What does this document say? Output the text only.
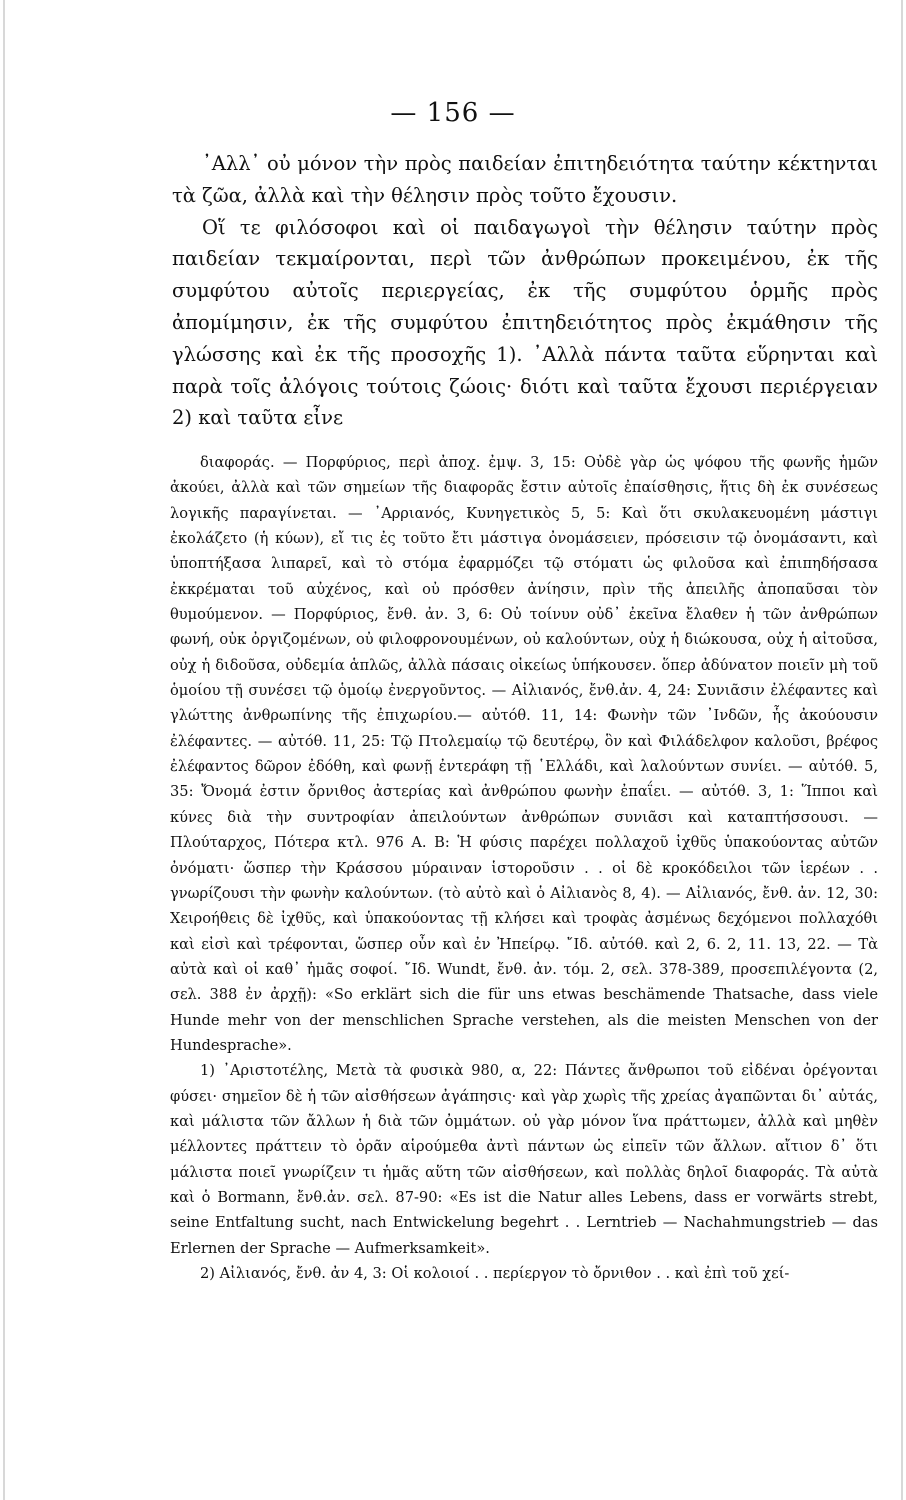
— 156 —

᾿Αλλ᾿ οὐ μόνον τὴν πρὸς παιδείαν ἐπιτηδειότητα ταύτην κέκτηνται τὰ ζῶα, ἀλλὰ καὶ τὴν θέλησιν πρὸς τοῦτο ἔχουσιν.

Οἵ τε φιλόσοφοι καὶ οἱ παιδαγωγοὶ τὴν θέλησιν ταύτην πρὸς παιδείαν τεκμαίρονται, περὶ τῶν ἀνθρώπων προκειμένου, ἐκ τῆς συμφύτου αὐτοῖς περιεργείας, ἐκ τῆς συμφύτου ὁρμῆς πρὸς ἀπομίμησιν, ἐκ τῆς συμφύτου ἐπιτηδειότητος πρὸς ἐκμάθησιν τῆς γλώσσης καὶ ἐκ τῆς προσοχῆς 1). ᾿Αλλὰ πάντα ταῦτα εὕρηνται καὶ παρὰ τοῖς ἀλόγοις τούτοις ζώοις· διότι καὶ ταῦτα ἔχουσι περιέργειαν 2) καὶ ταῦτα εἶνε

διαφοράς. — Πορφύριος, περὶ ἀποχ. ἐμψ. 3, 15: Οὐδὲ γὰρ ὡς ψόφου τῆς φωνῆς ἡμῶν ἀκούει, ἀλλὰ καὶ τῶν σημείων τῆς διαφορᾶς ἔστιν αὐτοῖς ἐπαίσθησις, ἥτις δὴ ἐκ συνέσεως λογικῆς παραγίνεται. — ᾿Αρριανός, Κυνηγετικὸς 5, 5: Καὶ ὅτι σκυλακευομένη μάστιγι ἐκολάζετο (ἡ κύων), εἴ τις ἐς τοῦτο ἔτι μάστιγα ὀνομάσειεν, πρόσεισιν τῷ ὀνομάσαντι, καὶ ὑποπτήξασα λιπαρεῖ, καὶ τὸ στόμα ἐφαρμόζει τῷ στόματι ὡς φιλοῦσα καὶ ἐπιπηδήσασα ἐκκρέμαται τοῦ αὐχένος, καὶ οὐ πρόσθεν ἀνίησιν, πρὶν τῆς ἀπειλῆς ἀποπαῦσαι τὸν θυμούμενον. — Πορφύριος, ἔνθ. ἀν. 3, 6: Οὐ τοίνυν οὐδ᾿ ἐκεῖνα ἔλαθεν ἡ τῶν ἀνθρώπων φωνή, οὐκ ὀργιζομένων, οὐ φιλοφρονουμένων, οὐ καλούντων, οὐχ ἡ διώκουσα, οὐχ ἡ αἰτοῦσα, οὐχ ἡ διδοῦσα, οὐδεμία ἁπλῶς, ἀλλὰ πάσαις οἰκείως ὑπήκουσεν. ὅπερ ἀδύνατον ποιεῖν μὴ τοῦ ὁμοίου τῇ συνέσει τῷ ὁμοίῳ ἐνεργοῦντος. — Αἰλιανός, ἔνθ.ἀν. 4, 24: Συνιᾶσιν ἐλέφαντες καὶ γλώττης ἀνθρωπίνης τῆς ἐπιχωρίου.— αὐτόθ. 11, 14: Φωνὴν τῶν ᾿Ινδῶν, ἧς ἀκούουσιν ἐλέφαντες. — αὐτόθ. 11, 25: Τῷ Πτολεμαίῳ τῷ δευτέρῳ, ὃν καὶ Φιλάδελφον καλοῦσι, βρέφος ἐλέφαντος δῶρον ἐδόθη, καὶ φωνῇ ἐντεράφη τῇ ῾Ελλάδι, καὶ λαλούντων συνίει. — αὐτόθ. 5, 35: Ὄνομά ἐστιν ὄρνιθος ἀστερίας καὶ ἀνθρώπου φωνὴν ἐπαΐει. — αὐτόθ. 3, 1: Ἵπποι καὶ κύνες διὰ τὴν συντροφίαν ἀπειλούντων ἀνθρώπων συνιᾶσι καὶ καταπτήσσουσι. — Πλούταρχος, Πότερα κτλ. 976 Α. Β: Ἡ φύσις παρέχει πολλαχοῦ ἰχθῦς ὑπακούοντας αὐτῶν ὀνόματι· ὥσπερ τὴν Κράσσου μύραιναν ἱστοροῦσιν . . οἱ δὲ κροκόδειλοι τῶν ἱερέων . . γνωρίζουσι τὴν φωνὴν καλούντων. (τὸ αὐτὸ καὶ ὁ Αἰλιανὸς 8, 4). — Αἰλιανός, ἔνθ. ἀν. 12, 30: Χειροήθεις δὲ ἰχθῦς, καὶ ὑπακούοντας τῇ κλήσει καὶ τροφὰς ἀσμένως δεχόμενοι πολλαχόθι καὶ εἰσὶ καὶ τρέφονται, ὥσπερ οὖν καὶ ἐν Ἠπείρῳ. ῎Ιδ. αὐτόθ. καὶ 2, 6. 2, 11. 13, 22. — Τὰ αὐτὰ καὶ οἱ καθ᾿ ἡμᾶς σοφοί. ῎Ιδ. Wundt, ἔνθ. ἀν. τόμ. 2, σελ. 378-389, προσεπιλέγοντα (2, σελ. 388 ἐν ἀρχῇ): «So erklärt sich die für uns etwas beschämende Thatsache, dass viele Hunde mehr von der menschlichen Sprache verstehen, als die meisten Menschen von der Hundesprache».

1) ᾿Αριστοτέλης, Μετὰ τὰ φυσικὰ 980, α, 22: Πάντες ἄνθρωποι τοῦ εἰδέναι ὀρέγονται φύσει· σημεῖον δὲ ἡ τῶν αἰσθήσεων ἀγάπησις· καὶ γὰρ χωρὶς τῆς χρείας ἀγαπῶνται δι᾿ αὐτάς, καὶ μάλιστα τῶν ἄλλων ἡ διὰ τῶν ὀμμάτων. οὐ γὰρ μόνον ἵνα πράττωμεν, ἀλλὰ καὶ μηθὲν μέλλοντες πράττειν τὸ ὁρᾶν αἱρούμεθα ἀντὶ πάντων ὡς εἰπεῖν τῶν ἄλλων. αἴτιον δ᾿ ὅτι μάλιστα ποιεῖ γνωρίζειν τι ἡμᾶς αὕτη τῶν αἰσθήσεων, καὶ πολλὰς δηλοῖ διαφοράς. Τὰ αὐτὰ καὶ ὁ Bormann, ἔνθ.ἀν. σελ. 87-90: «Es ist die Natur alles Lebens, dass er vorwärts strebt, seine Entfaltung sucht, nach Entwickelung begehrt . . Lerntrieb — Nachahmungstrieb — das Erlernen der Sprache — Aufmerksamkeit».

2) Αἰλιανός, ἔνθ. ἀν 4, 3: Οἱ κολοιοί . . περίεργον τὸ ὄρνιθον . . καὶ ἐπὶ τοῦ χεί-
